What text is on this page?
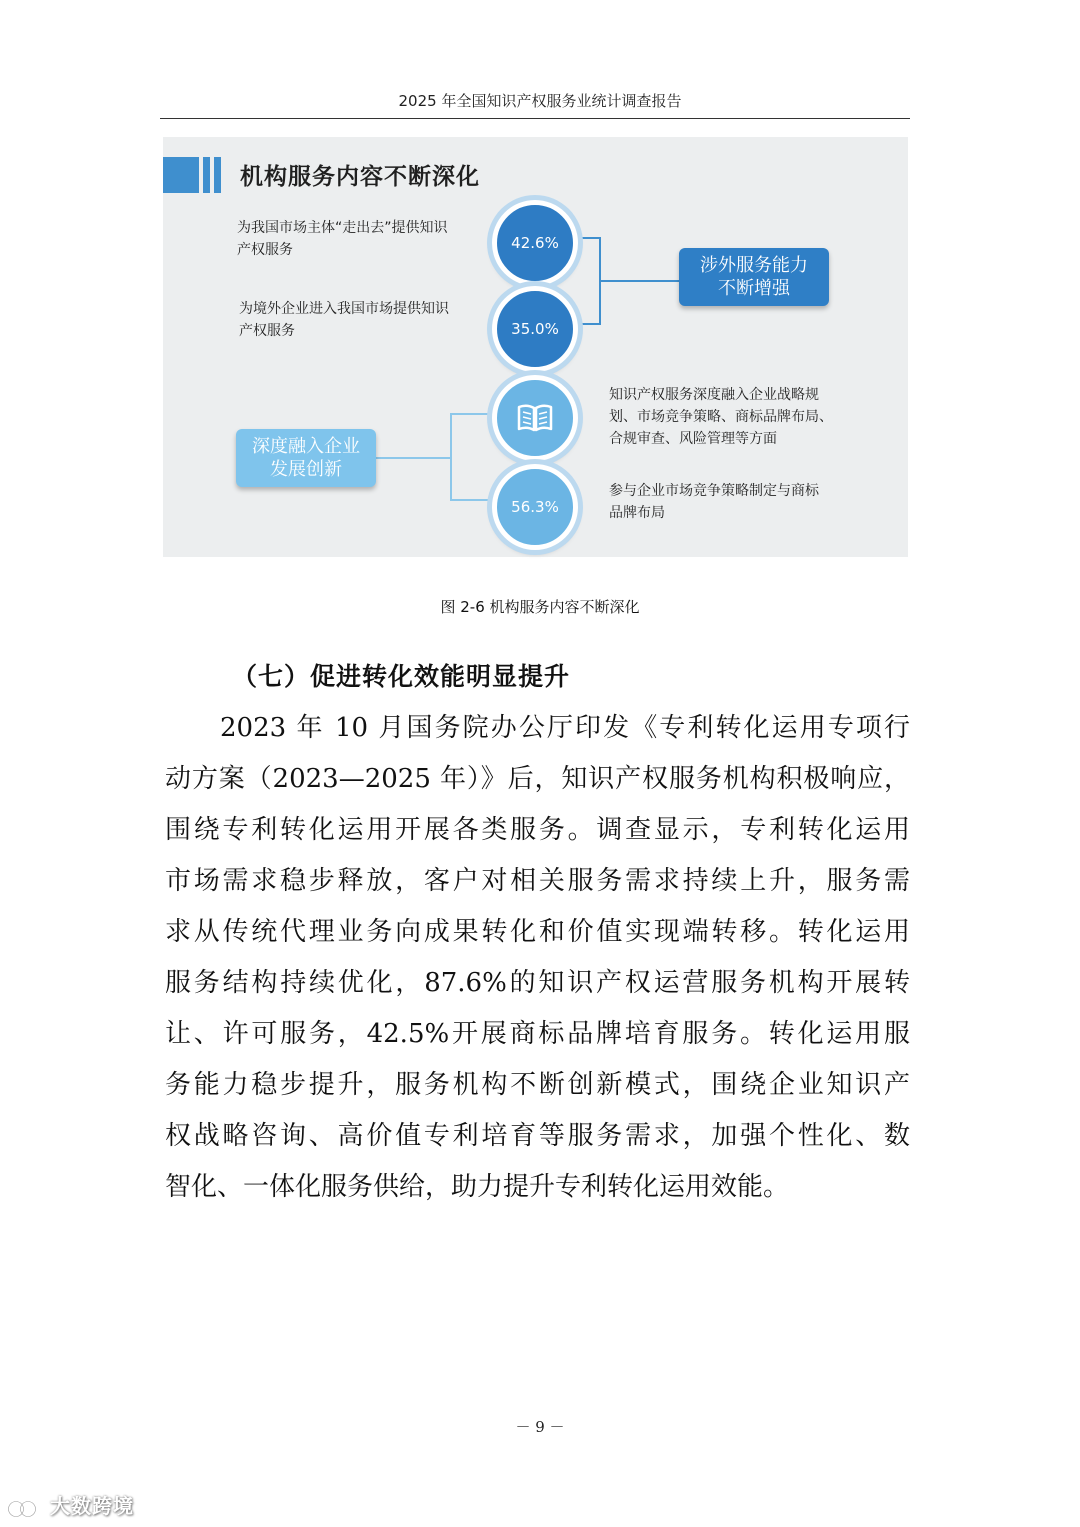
2025 年全国知识产权服务业统计调查报告
机构服务内容不断深化
为我国市场主体“走出去”提供知识
产权服务	42.6%
为境外企业进入我国市场提供知识
产权服务	35.0%
涉外服务能力
不断增强
深度融入企业
发展创新
知识产权服务深度融入企业战略规
划、市场竞争策略、商标品牌布局、
合规审查、风险管理等方面
56.3%
参与企业市场竞争策略制定与商标
品牌布局
图 2-6 机构服务内容不断深化
（七）促进转化效能明显提升
2023 年 10 月国务院办公厅印发《专利转化运用专项行
动方案（2023—2025 年）》后，知识产权服务机构积极响应，
围绕专利转化运用开展各类服务。调查显示，专利转化运用
市场需求稳步释放，客户对相关服务需求持续上升，服务需
求从传统代理业务向成果转化和价值实现端转移。转化运用
服务结构持续优化，87.6%的知识产权运营服务机构开展转
让、许可服务，42.5%开展商标品牌培育服务。转化运用服
务能力稳步提升，服务机构不断创新模式，围绕企业知识产
权战略咨询、高价值专利培育等服务需求，加强个性化、数
智化、一体化服务供给，助力提升专利转化运用效能。
－ 9 －
大数跨境
